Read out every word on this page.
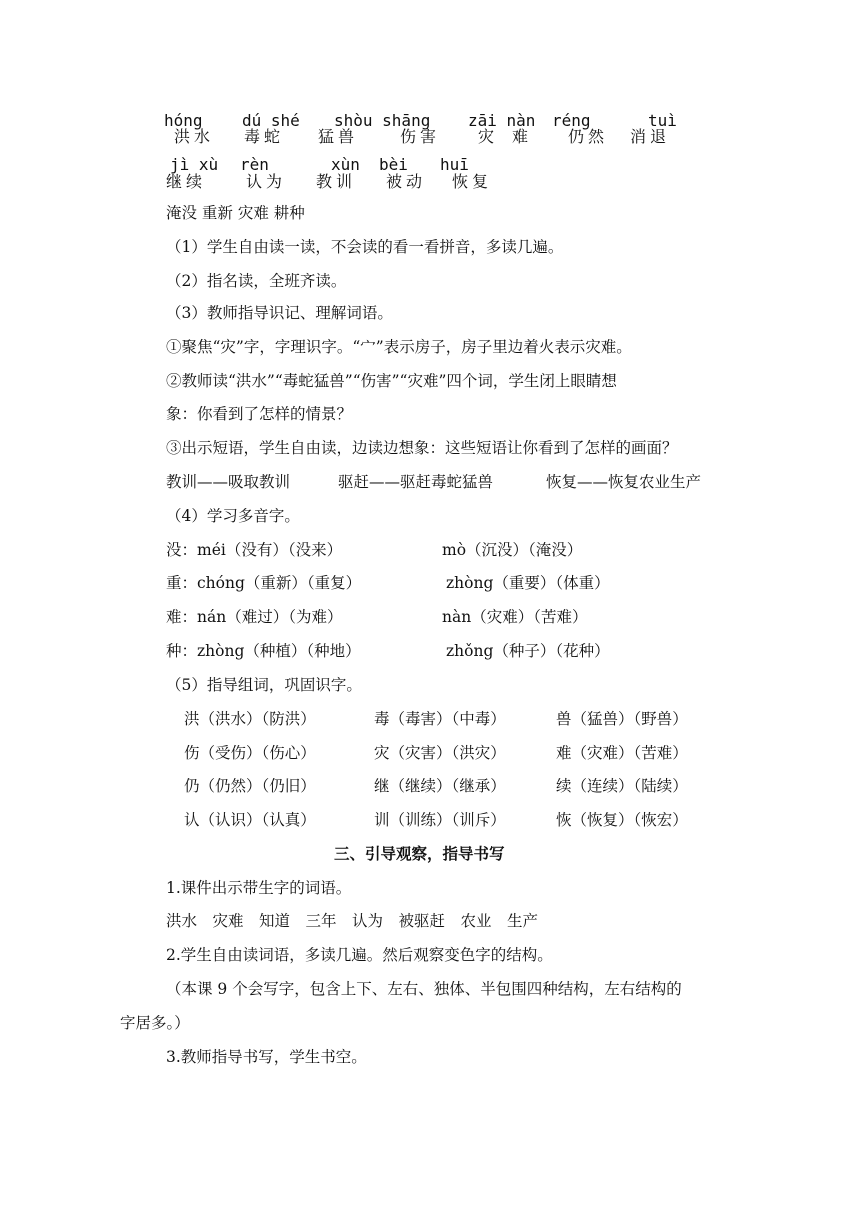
hóng dú shé shòu shāng zāi nàn réng	tuì
洪水 毒蛇 猛兽	伤害 灾 难 仍然 消退
jì xù rèn	xùn bèi huī
继续 认为 教训 被动 恢复
淹没 重新 灾难 耕种
（1）学生自由读一读，不会读的看一看拼音，多读几遍。
（2）指名读，全班齐读。
（3）教师指导识记、理解词语。
①聚焦“灾”字，字理识字。“宀”表示房子，房子里边着火表示灾难。
②教师读“洪水”“毒蛇猛兽”“伤害”“灾难”四个词，学生闭上眼睛想
象：你看到了怎样的情景？
③出示短语，学生自由读，边读边想象：这些短语让你看到了怎样的画面？
教训——吸取教训	驱赶——驱赶毒蛇猛兽	恢复——恢复农业生产
（4）学习多音字。
没：méi（没有）（没来）	mò（沉没）（淹没）
重：chóng（重新）（重复）	zhòng（重要）（体重）
难：nán（难过）（为难）	nàn（灾难）（苦难）
种：zhòng（种植）（种地）	zhǒng（种子）（花种）
（5）指导组词，巩固识字。
洪（洪水）（防洪）	毒（毒害）（中毒）	兽（猛兽）（野兽）
伤（受伤）（伤心）	灾（灾害）（洪灾）	难（灾难）（苦难）
仍（仍然）（仍旧）	继（继续）（继承）	续（连续）（陆续）
认（认识）（认真）	训（训练）（训斥）	恢（恢复）（恢宏）
三、引导观察，指导书写
1.课件出示带生字的词语。
洪水　灾难　知道　三年　认为　被驱赶　农业　生产
2.学生自由读词语，多读几遍。然后观察变色字的结构。
（本课 9 个会写字，包含上下、左右、独体、半包围四种结构，左右结构的
字居多。）
3.教师指导书写，学生书空。
